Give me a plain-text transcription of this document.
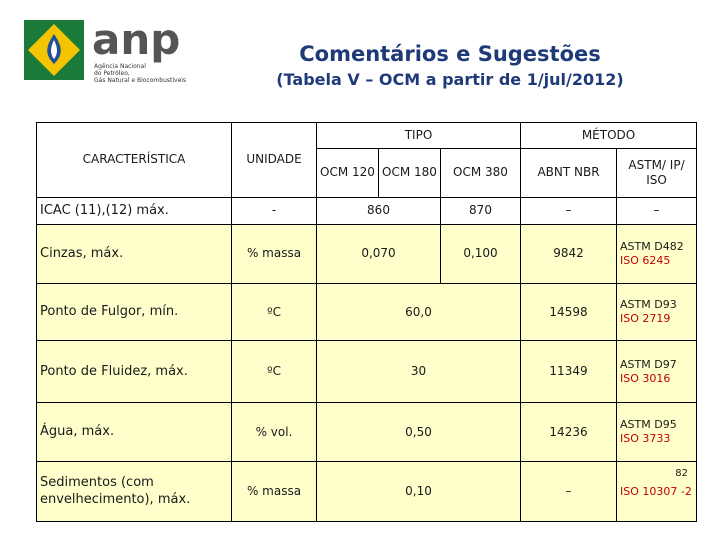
anp
Agência Nacional
do Petróleo,
Gás Natural e Biocombustíveis
Comentários e Sugestões
(Tabela V – OCM a partir de 1/jul/2012)
CARACTERÍSTICA	UNIDADE	TIPO			MÉTODO	
		OCM 120	OCM 180	OCM 380	ABNT NBR	ASTM/ IP/ ISO
ICAC (11),(12) máx.	-	860		870	–	–
Cinzas, máx.	% massa	0,070		0,100	9842	ASTM D482
ISO 6245

Ponto de Fulgor, mín.	ºC	60,0			14598	ASTM D93
ISO 2719

Ponto de Fluidez, máx.	ºC	30			11349	ASTM D97
ISO 3016

Água, máx.	% vol.	0,50			14236	ASTM D95
ISO 3733

Sedimentos (com envelhecimento), máx.	% massa	0,10			–	ISO 10307 -2
82
